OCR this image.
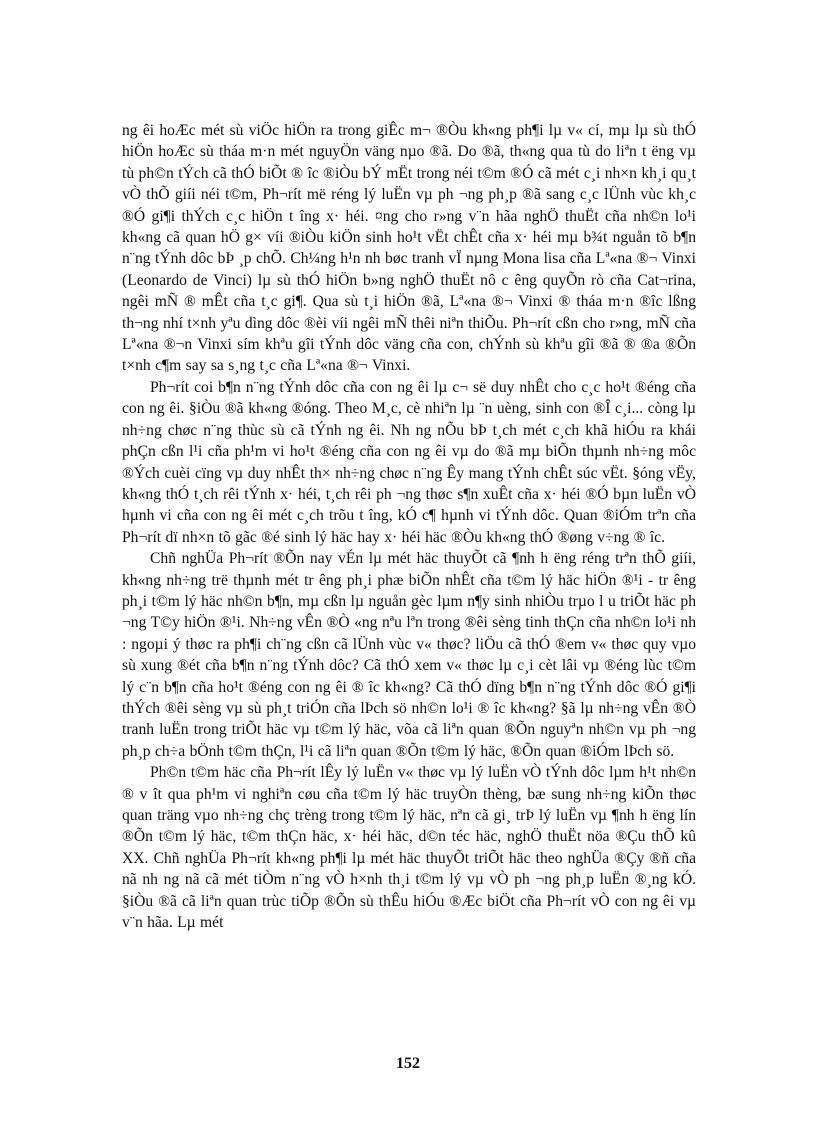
ng êi hoÆc mét sù viÖc hiÖn ra trong giÊc m¬ ®Òu kh«ng ph¶i lµ v« cí, mµ lµ sù thÓ hiÖn hoÆc sù tháa m·n mét nguyÖn väng nµo ®ã. Do ®ã, th«ng qua tù do liªn t ëng vµ tù ph©n tÝch cã thÓ biÕt ® îc ®iÒu bÝ mËt trong néi t©m ®Ó cã mét c¸i nh×n kh¸i qu¸t vÒ thÕ giíi néi t©m, Ph¬rít më réng lý luËn vµ ph ¬ng ph¸p ®ã sang c¸c lÜnh vùc kh¸c ®Ó gi¶i thÝch c¸c hiÖn t îng x· héi. ¤ng cho r»ng v¨n hãa nghÖ thuËt cña nh©n lo¹i kh«ng cã quan hÖ g× víi ®iÒu kiÖn sinh ho¹t vËt chÊt cña x· héi mµ b¾t nguån tõ b¶n n¨ng tÝnh dôc bÞ ¸p chÕ. Ch¼ng h¹n nh bøc tranh vÏ nµng Mona lisa cña Lª«na ®¬ Vinxi (Leonardo de Vinci) lµ sù thÓ hiÖn b»ng nghÖ thuËt nô c êng quyÕn rò cña Cat¬rina, ngêi mÑ ® mÊt cña t¸c gi¶. Qua sù t¸i hiÖn ®ã, Lª«na ®¬ Vinxi ® tháa m·n ®îc lßng th¬ng nhí t×nh yªu dìng dôc ®èi víi ngêi mÑ thêi niªn thiÕu. Ph¬rít cßn cho r»ng, mÑ cña Lª«na ®¬n Vinxi sím khªu gîi tÝnh dôc väng cña con, chÝnh sù khªu gîi ®ã ® ®a ®Õn t×nh c¶m say sa s¸ng t¸c cña Lª«na ®¬ Vinxi.

Ph¬rít coi b¶n n¨ng tÝnh dôc cña con ng êi lµ c¬ së duy nhÊt cho c¸c ho¹t ®éng cña con ng êi. §iÒu ®ã kh«ng ®óng. Theo M¸c, cè nhiªn lµ ¨n uèng, sinh con ®Î c¸i... còng lµ nh÷ng chøc n¨ng thùc sù cã tÝnh ng êi. Nh ng nÕu bÞ t¸ch mét c¸ch khã hiÓu ra khái phÇn cßn l¹i cña ph¹m vi ho¹t ®éng cña con ng êi vµ do ®ã mµ biÕn thµnh nh÷ng môc ®Ých cuèi cïng vµ duy nhÊt th× nh÷ng chøc n¨ng Êy mang tÝnh chÊt súc vËt. §óng vËy, kh«ng thÓ t¸ch rêi tÝnh x· héi, t¸ch rêi ph ¬ng thøc s¶n xuÊt cña x· héi ®Ó bµn luËn vÒ hµnh vi cña con ng êi mét c¸ch trõu t îng, kÓ c¶ hµnh vi tÝnh dôc. Quan ®iÓm trªn cña Ph¬rít dï nh×n tõ gãc ®é sinh lý häc hay x· héi häc ®Òu kh«ng thÓ ®øng v÷ng ® îc.

Chñ nghÜa Ph¬rít ®Õn nay vÉn lµ mét häc thuyÕt cã ¶nh h ëng réng trªn thÕ giíi, kh«ng nh÷ng trë thµnh mét tr êng ph¸i phæ biÕn nhÊt cña t©m lý häc hiÖn ®¹i - tr êng ph¸i t©m lý häc nh©n b¶n, mµ cßn lµ nguån gèc lµm n¶y sinh nhiÒu trµo l u triÕt häc ph ¬ng T©y hiÖn ®¹i. Nh÷ng vÊn ®Ò «ng nªu lªn trong ®êi sèng tinh thÇn cña nh©n lo¹i nh : ngoµi ý thøc ra ph¶i ch¨ng cßn cã lÜnh vùc v« thøc? liÖu cã thÓ ®em v« thøc quy vµo sù xung ®ét cña b¶n n¨ng tÝnh dôc? Cã thÓ xem v« thøc lµ c¸i cèt lâi vµ ®éng lùc t©m lý c¨n b¶n cña ho¹t ®éng con ng êi ® îc kh«ng? Cã thÓ dïng b¶n n¨ng tÝnh dôc ®Ó gi¶i thÝch ®êi sèng vµ sù ph¸t triÓn cña lÞch sö nh©n lo¹i ® îc kh«ng? §ã lµ nh÷ng vÊn ®Ò tranh luËn trong triÕt häc vµ t©m lý häc, võa cã liªn quan ®Õn nguyªn nh©n vµ ph ¬ng ph¸p ch÷a bÖnh t©m thÇn, l¹i cã liªn quan ®Õn t©m lý häc, ®Õn quan ®iÓm lÞch sö.

Ph©n t©m häc cña Ph¬rít lÊy lý luËn v« thøc vµ lý luËn vÒ tÝnh dôc lµm h¹t nh©n ® v ît qua ph¹m vi nghiªn cøu cña t©m lý häc truyÒn thèng, bæ sung nh÷ng kiÕn thøc quan träng vµo nh÷ng chç trèng trong t©m lý häc, nªn cã gi¸ trÞ lý luËn vµ ¶nh h ëng lín ®Õn t©m lý häc, t©m thÇn häc, x· héi häc, d©n téc häc, nghÖ thuËt nöa ®Çu thÕ kû XX. Chñ nghÜa Ph¬rít kh«ng ph¶i lµ mét häc thuyÕt triÕt häc theo nghÜa ®Çy ®ñ cña nã nh ng nã cã mét tiÒm n¨ng vÒ h×nh th¸i t©m lý vµ vÒ ph ¬ng ph¸p luËn ®¸ng kÓ. §iÒu ®ã cã liªn quan trùc tiÕp ®Õn sù thÊu hiÓu ®Æc biÖt cña Ph¬rít vÒ con ng êi vµ v¨n hãa. Lµ mét

152
